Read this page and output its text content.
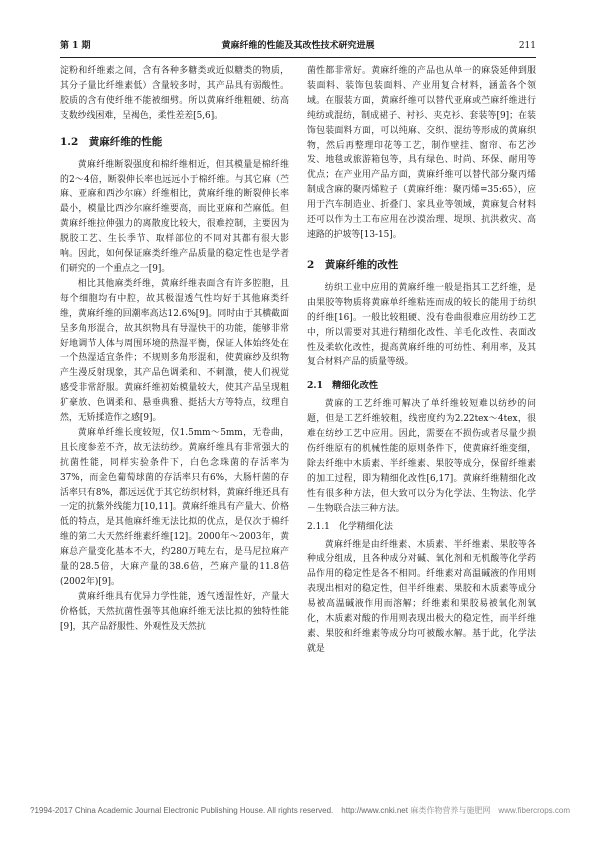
第 1 期	黄麻纤维的性能及其改性技术研究进展	211

淀粉和纤维素之间，含有各种多糖类或近似糖类的物质，其分子量比纤维素低）含量较多时，其产品具有弱酸性。胶质的含有使纤维不能被细劈。所以黄麻纤维粗硬、纺高支数纱线困难，呈褐色，柔性差差[5,6]。

1.2　黄麻纤维的性能

黄麻纤维断裂强度和棉纤维相近，但其模量是棉纤维的2～4倍，断裂伸长率也远远小于棉纤维。与其它麻（苎麻、亚麻和西沙尔麻）纤维相比，黄麻纤维的断裂伸长率最小，模量比西沙尔麻纤维要高，而比亚麻和苎麻低。但黄麻纤维拉伸强力的离散度比较大，很难控制，主要因为脱胶工艺、生长季节、取样部位的不同对其都有很大影响。因此，如何保证麻类纤维产品质量的稳定性也是学者们研究的一个重点之一[9]。

相比其他麻类纤维，黄麻纤维表面含有许多腔胞，且每个细胞均有中腔，故其极湿透气性均好于其他麻类纤维，黄麻纤维的回潮率高达12.6%[9]。同时由于其横截面呈多角形混合，故其织物具有导湿快干的功能，能够非常好地调节人体与周围环境的热湿平衡，保证人体始终处在一个热湿适宜条件；不规则多角形混和，使黄麻纱及织物产生漫反射现象，其产品色调柔和、不刺激，使人们视觉感受非常舒服。黄麻纤维初始模量较大，使其产品呈现粗犷豪放、色调柔和、悬垂典雅、挺括大方等特点，纹理自然，无矫揉造作之感[9]。

黄麻单纤维长度较短，仅1.5mm～5mm，无卷曲，且长度参差不齐，故无法纺纱。黄麻纤维具有非常强大的抗菌性能，同样实验条件下，白色念珠菌的存活率为37%，而金色葡萄球菌的存活率只有6%，大肠杆菌的存活率只有8%，都远远优于其它纺织材料，黄麻纤维还具有一定的抗紫外线能力[10,11]。黄麻纤维具有产量大、价格低的特点，是其他麻纤维无法比拟的优点，是仅次于棉纤维的第二大天然纤维素纤维[12]。2000年～2003年，黄麻总产量变化基本不大，约280万吨左右，是马尼拉麻产量的28.5倍，大麻产量的38.6倍，苎麻产量的11.8倍(2002年)[9]。

黄麻纤维具有优异力学性能，透气透湿性好，产量大价格低，天然抗菌性强等其他麻纤维无法比拟的独特性能[9]，其产品舒服性、外观性及天然抗

菌性都非常好。黄麻纤维的产品也从单一的麻袋延伸到服装面料、装饰包装面料、产业用复合材料，涵盖各个领域。在服装方面，黄麻纤维可以替代亚麻或苎麻纤维进行纯纺或混纺，制成裙子、衬衫、夹克衫、套装等[9]；在装饰包装面料方面，可以纯麻、交织、混纺等形成的黄麻织物，然后再整理印花等工艺，制作壁挂、窗帘、布艺沙发、地毯或旅游箱包等，具有绿色、时尚、环保、耐用等优点；在产业用产品方面，黄麻纤维可以替代部分聚丙烯制成含麻的聚丙烯粒子（黄麻纤维：聚丙烯=35:65），应用于汽车制造业、折叠门、家具业等领域，黄麻复合材料还可以作为土工布应用在沙漠治理、堤坝、抗洪救灾、高速路的护坡等[13-15]。

2　黄麻纤维的改性

纺织工业中应用的黄麻纤维一般是指其工艺纤维，是由果胶等物质将黄麻单纤维粘连而成的较长的能用于纺织的纤维[16]。一般比较粗硬、没有卷曲很难应用纺纱工艺中，所以需要对其进行精细化改性、羊毛化改性、表面改性及柔软化改性，提高黄麻纤维的可纺性、利用率，及其复合材料产品的质量等级。

2.1　精细化改性

黄麻的工艺纤维可解决了单纤维较短难以纺纱的问题，但是工艺纤维较粗，线密度约为2.22tex～4tex，很难在纺纱工艺中应用。因此，需要在不损伤或者尽量少损伤纤维原有的机械性能的原则条件下，使黄麻纤维变细，除去纤维中木质素、半纤维素、果胶等成分，保留纤维素的加工过程，即为精细化改性[6,17]。黄麻纤维精细化改性有很多种方法，但大致可以分为化学法、生物法、化学－生物联合法三种方法。

2.1.1　化学精细化法

黄麻纤维是由纤维素、木质素、半纤维素、果胶等各种成分组成，且各种成分对碱、氧化剂和无机酸等化学药品作用的稳定性是各不相同。纤维素对高温碱液的作用则表现出相对的稳定性，但半纤维素、果胶和木质素等成分易被高温碱液作用而溶解；纤维素和果胶易被氧化剂氧化，木质素对酸的作用则表现出极大的稳定性，而半纤维素、果胶和纤维素等成分均可被酸水解。基于此，化学法就是

?1994-2017 China Academic Journal Electronic Publishing House. All rights reserved.　http://www.cnki.net 麻类作物营养与施肥网　www.fibercrops.com
